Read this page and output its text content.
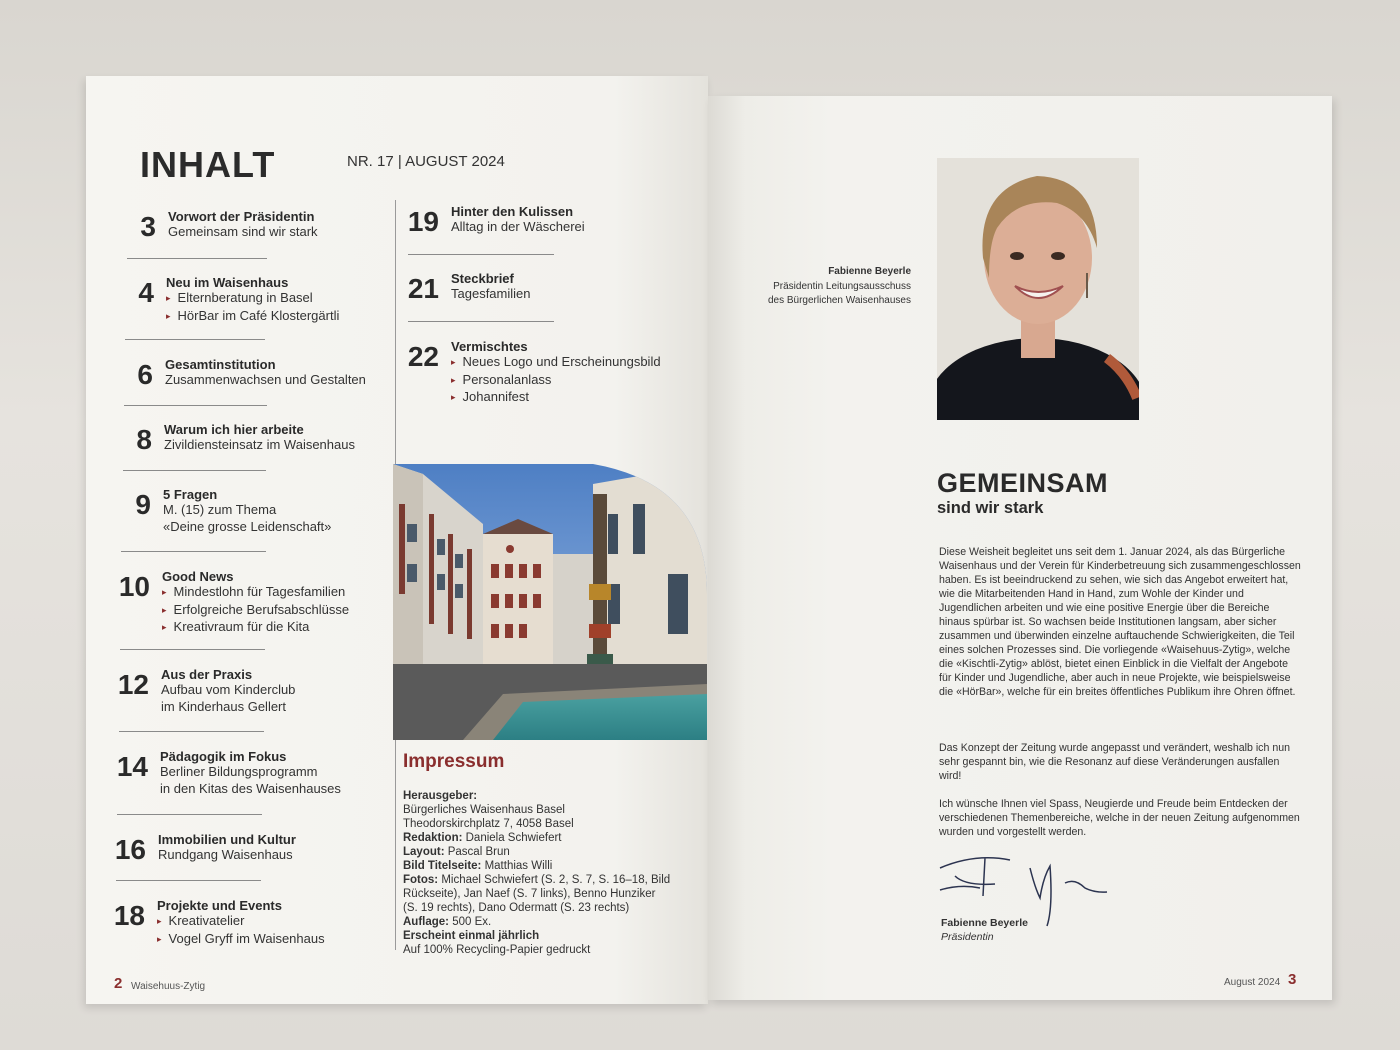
INHALT	NR. 17 | AUGUST 2024
3 Vorwort der Präsidentin
Gemeinsam sind wir stark
4 Neu im Waisenhaus
▸ Elternberatung in Basel
▸ HörBar im Café Klostergärtli
6 Gesamtinstitution
Zusammenwachsen und Gestalten
8 Warum ich hier arbeite
Zivildiensteinsatz im Waisenhaus
9 5 Fragen
M. (15) zum Thema
«Deine grosse Leidenschaft»
10 Good News
▸ Mindestlohn für Tagesfamilien
▸ Erfolgreiche Berufsabschlüsse
▸ Kreativraum für die Kita
12 Aus der Praxis
Aufbau vom Kinderclub
im Kinderhaus Gellert
14 Pädagogik im Fokus
Berliner Bildungsprogramm
in den Kitas des Waisenhauses
16 Immobilien und Kultur
Rundgang Waisenhaus
18 Projekte und Events
▸ Kreativatelier
▸ Vogel Gryff im Waisenhaus
19 Hinter den Kulissen
Alltag in der Wäscherei
21 Steckbrief
Tagesfamilien
22 Vermischtes
▸ Neues Logo und Erscheinungsbild
▸ Personalanlass
▸ Johannifest
Impressum
Herausgeber:
Bürgerliches Waisenhaus Basel
Theodorskirchplatz 7, 4058 Basel
Redaktion: Daniela Schwiefert
Layout: Pascal Brun
Bild Titelseite: Matthias Willi
Fotos: Michael Schwiefert (S. 2, S. 7, S. 16–18, Bild
Rückseite), Jan Naef (S. 7 links), Benno Hunziker
(S. 19 rechts), Dano Odermatt (S. 23 rechts)
Auflage: 500 Ex.
Erscheint einmal jährlich
Auf 100% Recycling-Papier gedruckt
2 Waisehuus-Zytig
Fabienne Beyerle
Präsidentin Leitungsausschuss
des Bürgerlichen Waisenhauses
GEMEINSAM
sind wir stark
Diese Weisheit begleitet uns seit dem 1. Januar 2024, als das Bürgerliche Waisenhaus und der Verein für Kinderbetreuung sich zusammengeschlossen haben. Es ist beeindruckend zu sehen, wie sich das Angebot erweitert hat, wie die Mitarbeitenden Hand in Hand, zum Wohle der Kinder und Jugendlichen arbeiten und wie eine positive Energie über die Bereiche hinaus spürbar ist. So wachsen beide Institutionen langsam, aber sicher zusammen und überwinden einzelne auftauchende Schwierigkeiten, die Teil eines solchen Prozesses sind. Die vorliegende «Waisehuus-Zytig», welche die «Kischtli-Zytig» ablöst, bietet einen Einblick in die Vielfalt der Angebote für Kinder und Jugendliche, aber auch in neue Projekte, wie beispielsweise die «HörBar», welche für ein breites öffentliches Publikum ihre Ohren öffnet.
Das Konzept der Zeitung wurde angepasst und verändert, weshalb ich nun sehr gespannt bin, wie die Resonanz auf diese Veränderungen ausfallen wird!
Ich wünsche Ihnen viel Spass, Neugierde und Freude beim Entdecken der verschiedenen Themenbereiche, welche in der neuen Zeitung aufgenommen wurden und vorgestellt werden.
Fabienne Beyerle
Präsidentin
August 2024 3
